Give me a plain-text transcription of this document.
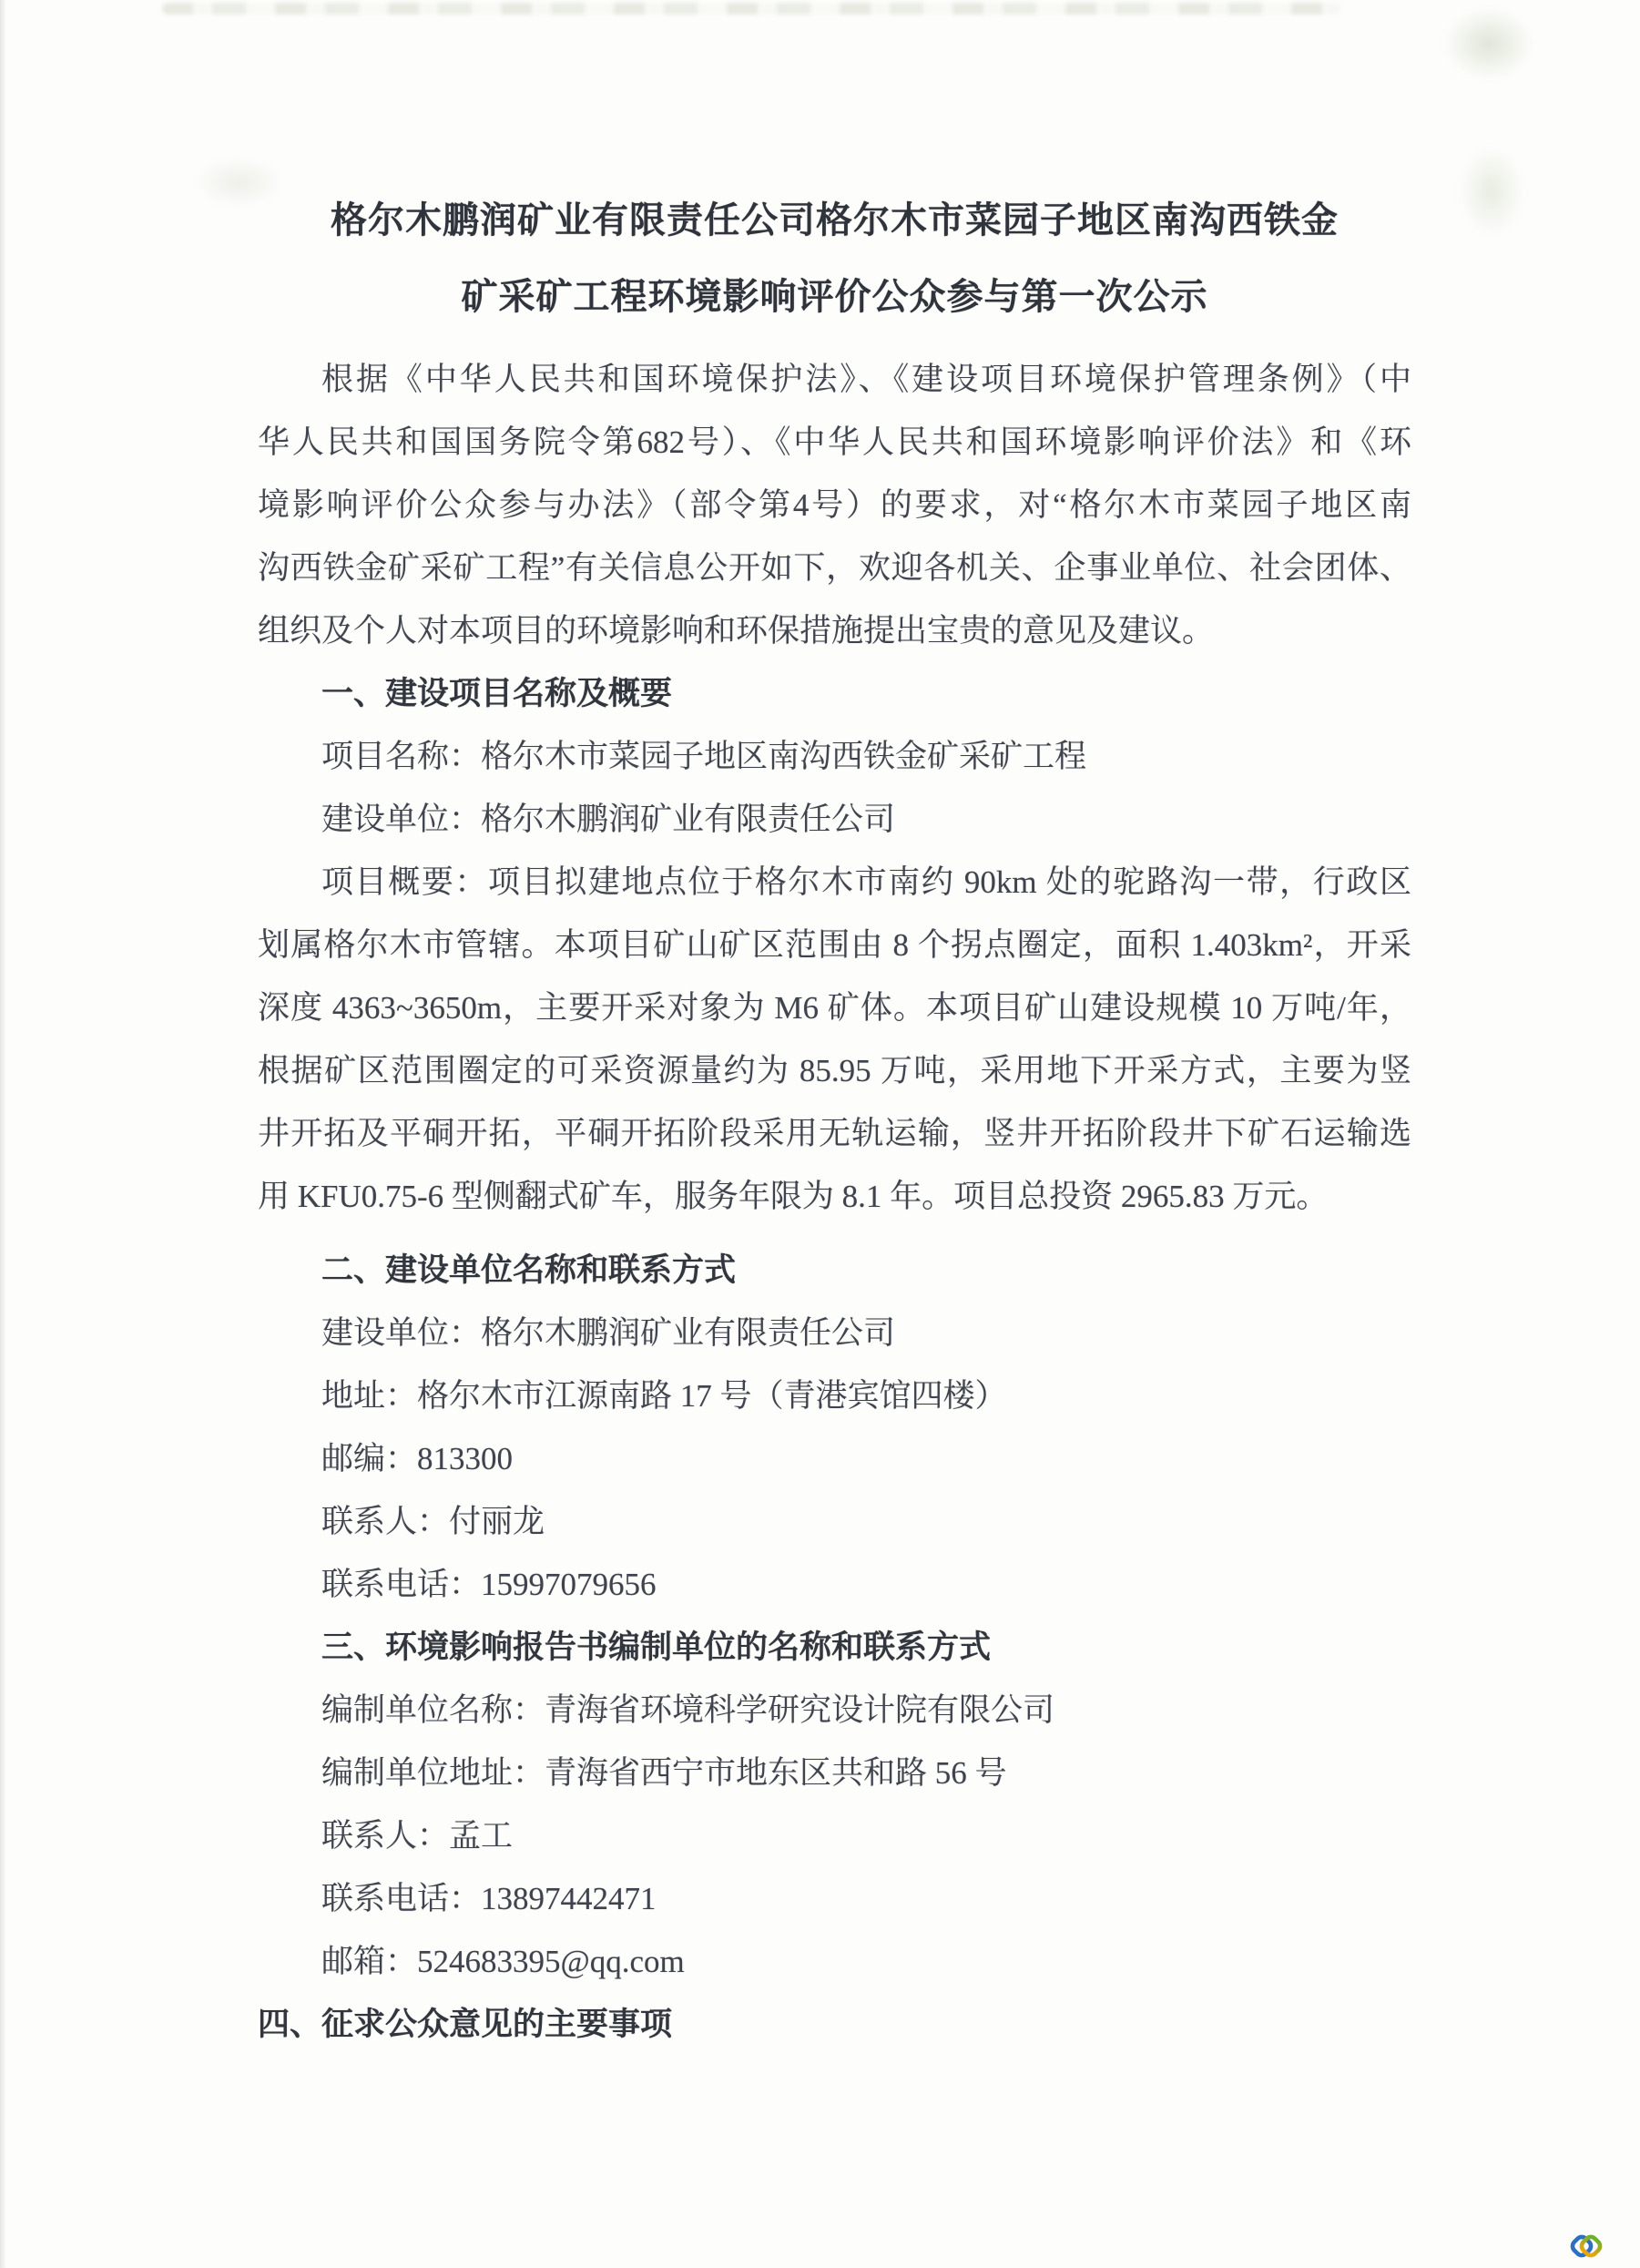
格尔木鹏润矿业有限责任公司格尔木市菜园子地区南沟西铁金
矿采矿工程环境影响评价公众参与第一次公示
根据《中华人民共和国环境保护法》、《建设项目环境保护管理条例》（中
华人民共和国国务院令第682号）、《中华人民共和国环境影响评价法》和《环
境影响评价公众参与办法》（部令第4号）的要求，对“格尔木市菜园子地区南
沟西铁金矿采矿工程”有关信息公开如下，欢迎各机关、企事业单位、社会团体、
组织及个人对本项目的环境影响和环保措施提出宝贵的意见及建议。
一、建设项目名称及概要
项目名称：格尔木市菜园子地区南沟西铁金矿采矿工程
建设单位：格尔木鹏润矿业有限责任公司
项目概要：项目拟建地点位于格尔木市南约 90km 处的驼路沟一带，行政区
划属格尔木市管辖。本项目矿山矿区范围由 8 个拐点圈定，面积 1.403km²，开采
深度 4363~3650m，主要开采对象为 M6 矿体。本项目矿山建设规模 10 万吨/年，
根据矿区范围圈定的可采资源量约为 85.95 万吨，采用地下开采方式，主要为竖
井开拓及平硐开拓，平硐开拓阶段采用无轨运输，竖井开拓阶段井下矿石运输选
用 KFU0.75-6 型侧翻式矿车，服务年限为 8.1 年。项目总投资 2965.83 万元。
二、建设单位名称和联系方式
建设单位：格尔木鹏润矿业有限责任公司
地址：格尔木市江源南路 17 号（青港宾馆四楼）
邮编：813300
联系人：付丽龙
联系电话：15997079656
三、环境影响报告书编制单位的名称和联系方式
编制单位名称：青海省环境科学研究设计院有限公司
编制单位地址：青海省西宁市地东区共和路 56 号
联系人：孟工
联系电话：13897442471
邮箱：524683395@qq.com
四、征求公众意见的主要事项
